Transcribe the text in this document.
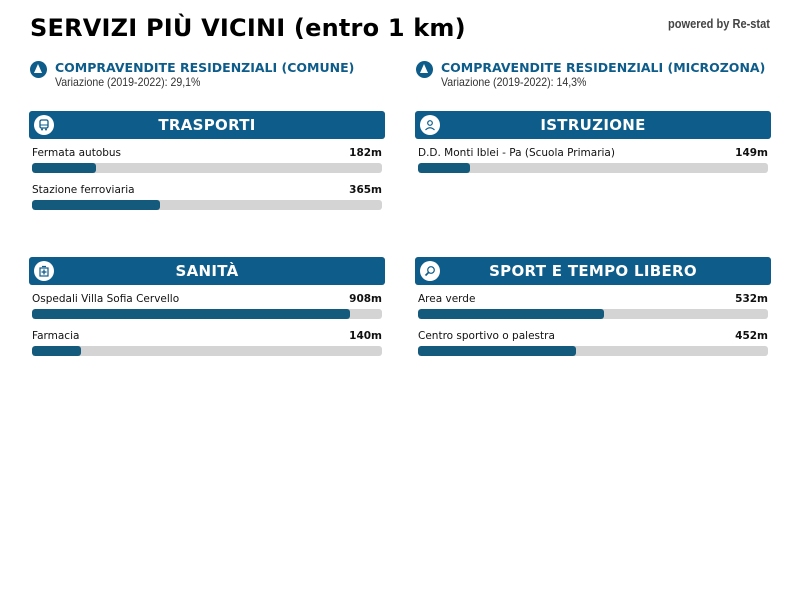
SERVIZI PIÙ VICINI (entro 1 km)	powered by Re-stat
COMPRAVENDITE RESIDENZIALI (COMUNE)
Variazione (2019-2022): 29,1%
COMPRAVENDITE RESIDENZIALI (MICROZONA)
Variazione (2019-2022): 14,3%
TRASPORTI
Fermata autobus	182m
Stazione ferroviaria	365m
ISTRUZIONE
D.D. Monti Iblei - Pa (Scuola Primaria)	149m
SANITÀ
Ospedali Villa Sofia Cervello	908m
Farmacia	140m
SPORT E TEMPO LIBERO
Area verde	532m
Centro sportivo o palestra	452m
